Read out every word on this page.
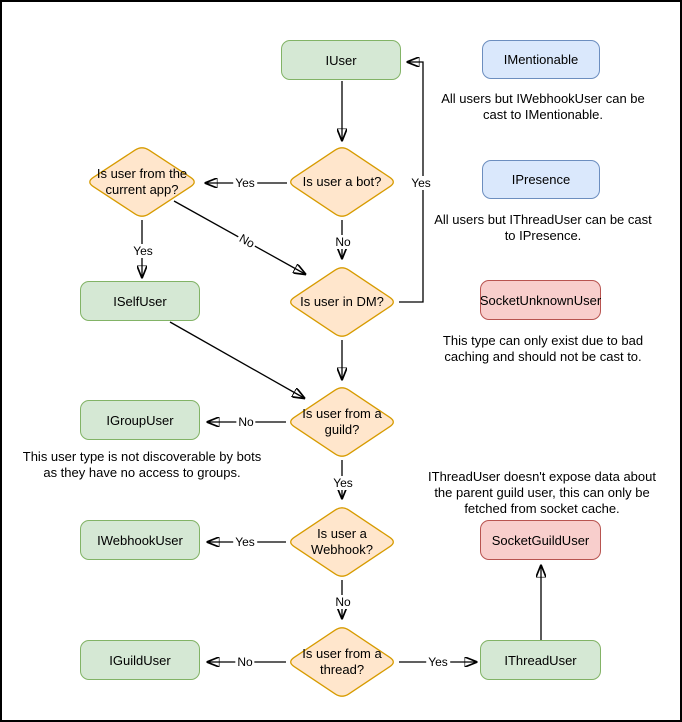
IUser
ISelfUser
IGroupUser
IWebhookUser
IGuildUser	IThreadUser
IMentionable
IPresence
SocketUnknownUser
SocketGuildUser
Is user a bot?
Is user from the current app?
Is user in DM?
Is user from a guild?
Is user a Webhook?
Is user from a thread?
Yes
No
Yes
No
Yes
No
Yes
Yes
No
No	Yes
All users but IWebhookUser can be cast to IMentionable.
All users but IThreadUser can be cast to IPresence.
This type can only exist due to bad caching and should not be cast to.
This user type is not discoverable by bots as they have no access to groups.	IThreadUser doesn't expose data about the parent guild user, this can only be fetched from socket cache.
